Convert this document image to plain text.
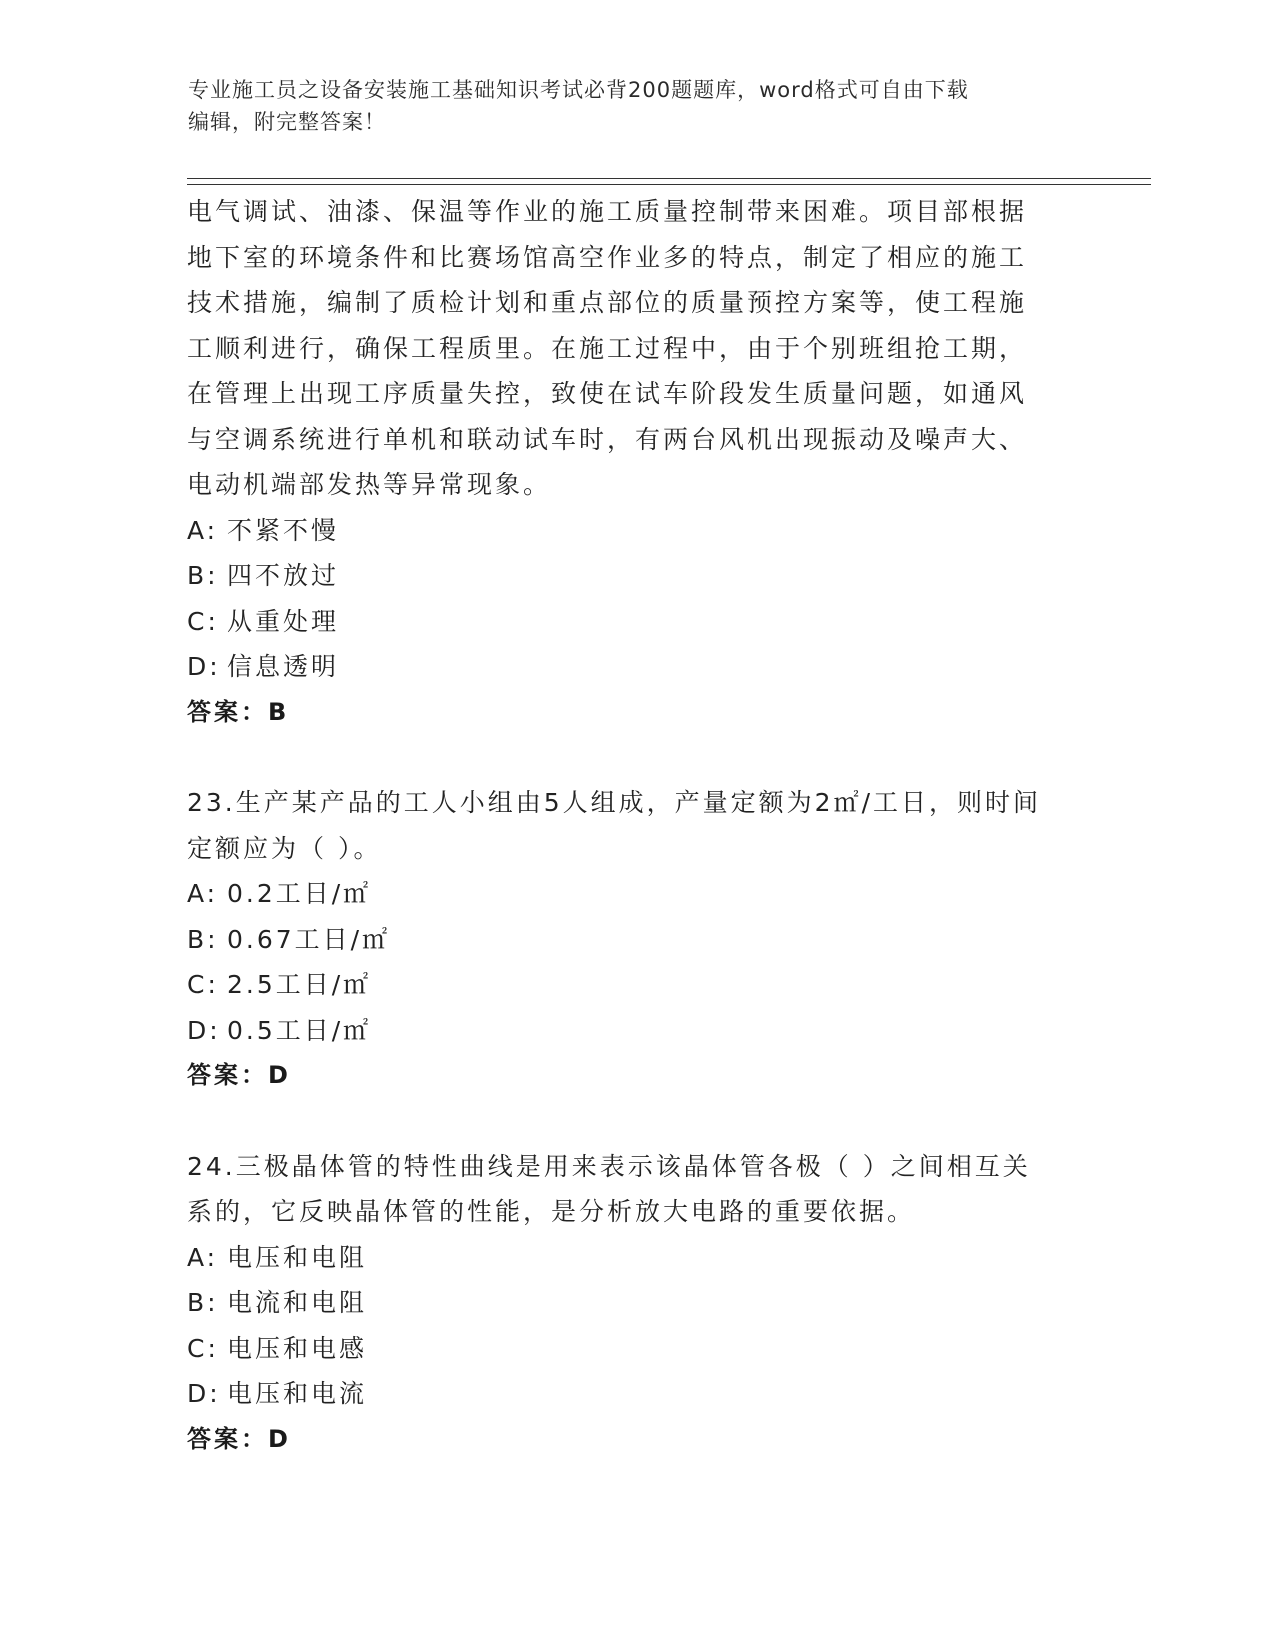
专业施工员之设备安装施工基础知识考试必背200题题库，word格式可自由下载
编辑，附完整答案！
电气调试、油漆、保温等作业的施工质量控制带来困难。项目部根据
地下室的环境条件和比赛场馆高空作业多的特点，制定了相应的施工
技术措施，编制了质检计划和重点部位的质量预控方案等，使工程施
工顺利进行，确保工程质里。在施工过程中，由于个别班组抢工期，
在管理上出现工序质量失控，致使在试车阶段发生质量问题，如通风
与空调系统进行单机和联动试车时，有两台风机出现振动及噪声大、
电动机端部发热等异常现象。
A: 不紧不慢
B: 四不放过
C: 从重处理
D: 信息透明
答案：B
23.生产某产品的工人小组由5人组成，产量定额为2㎡/工日，则时间
定额应为（ ）。
A: 0.2工日/㎡
B: 0.67工日/㎡
C: 2.5工日/㎡
D: 0.5工日/㎡
答案：D
24.三极晶体管的特性曲线是用来表示该晶体管各极（ ）之间相互关
系的，它反映晶体管的性能，是分析放大电路的重要依据。
A: 电压和电阻
B: 电流和电阻
C: 电压和电感
D: 电压和电流
答案：D
